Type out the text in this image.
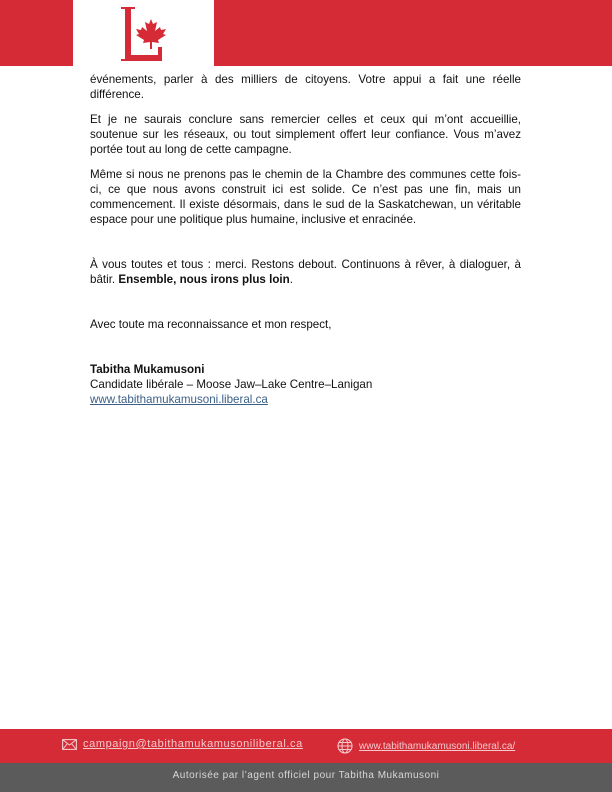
événements, parler à des milliers de citoyens. Votre appui a fait une réelle différence.

Et je ne saurais conclure sans remercier celles et ceux qui m’ont accueillie, soutenue sur les réseaux, ou tout simplement offert leur confiance. Vous m’avez portée tout au long de cette campagne.

Même si nous ne prenons pas le chemin de la Chambre des communes cette fois-ci, ce que nous avons construit ici est solide. Ce n’est pas une fin, mais un commencement. Il existe désormais, dans le sud de la Saskatchewan, un véritable espace pour une politique plus humaine, inclusive et enracinée.

À vous toutes et tous : merci. Restons debout. Continuons à rêver, à dialoguer, à bâtir. Ensemble, nous irons plus loin.

Avec toute ma reconnaissance et mon respect,

Tabitha Mukamusoni
Candidate libérale – Moose Jaw–Lake Centre–Lanigan
www.tabithamukamusoni.liberal.ca
campaign@tabithamukamusoniliberal.ca	www.tabithamukamusoni.liberal.ca/
Autorisée par l’agent officiel pour Tabitha Mukamusoni
